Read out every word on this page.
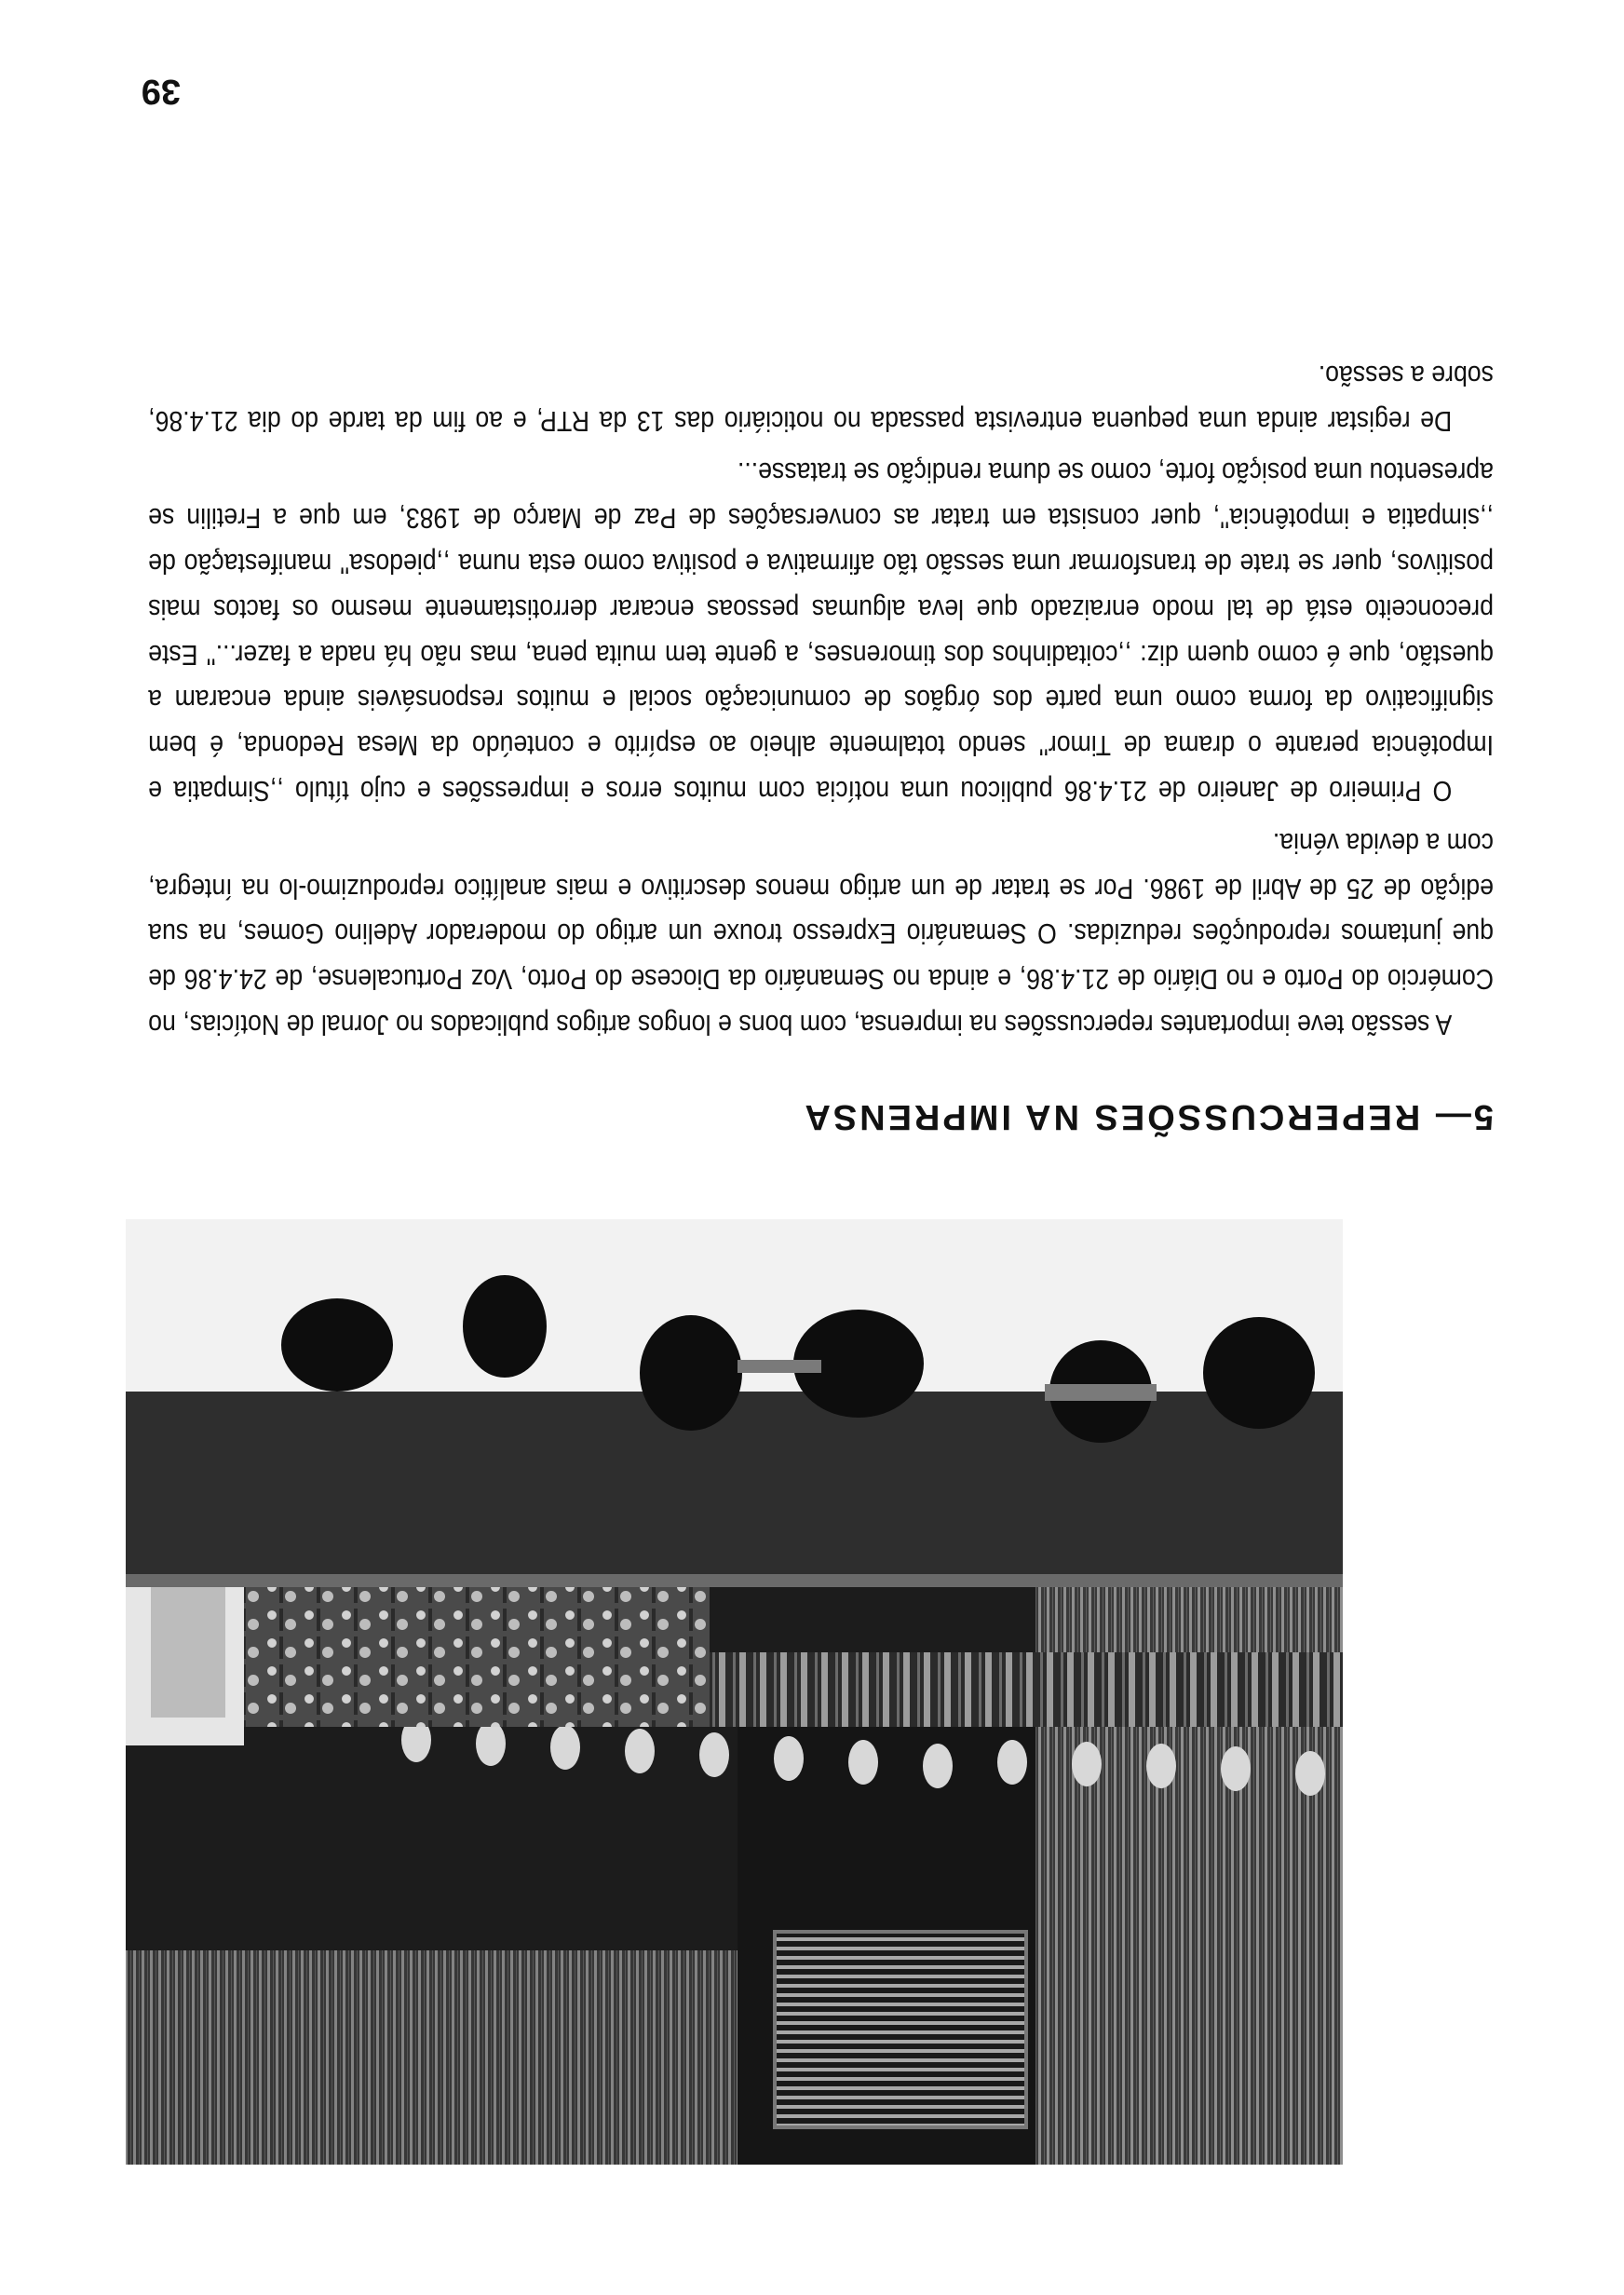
5— REPERCUSSÕES NA IMPRENSA

A sessão teve importantes repercussões na imprensa, com bons e longos artigos publicados no Jornal de Notícias, no Comércio do Porto e no Diário de 21.4.86, e ainda no Semanário da Diocese do Porto, Voz Portucalense, de 24.4.86 de que juntamos reproduções reduzidas. O Semanário Expresso trouxe um artigo do moderador Adelino Gomes, na sua edição de 25 de Abril de 1986. Por se tratar de um artigo menos descritivo e mais analítico reproduzimo-lo na íntegra, com a devida vénia.

O Primeiro de Janeiro de 21.4.86 publicou uma notícia com muitos erros e impressões e cujo título ,,Simpatia e Impotência perante o drama de Timor'' sendo totalmente alheio ao espírito e conteúdo da Mesa Redonda, é bem significativo da forma como uma parte dos órgãos de comunicação social e muitos responsáveis ainda encaram a questão, que é como quem diz: ,,coitadinhos dos timorenses, a gente tem muita pena, mas não há nada a fazer...'' Este preconceito está de tal modo enraizado que leva algumas pessoas encarar derrotistamente mesmo os factos mais positivos, quer se trate de transformar uma sessão tão afirmativa e positiva como esta numa ,,piedosa'' manifestação de ,,simpatia e impotência'', quer consista em tratar as conversações de Paz de Março de 1983, em que a Fretilin se apresentou uma posição forte, como se duma rendição se tratasse...

De registar ainda uma pequena entrevista passada no noticiário das 13 da RTP, e ao fim da tarde do dia 21.4.86, sobre a sessão.

39
